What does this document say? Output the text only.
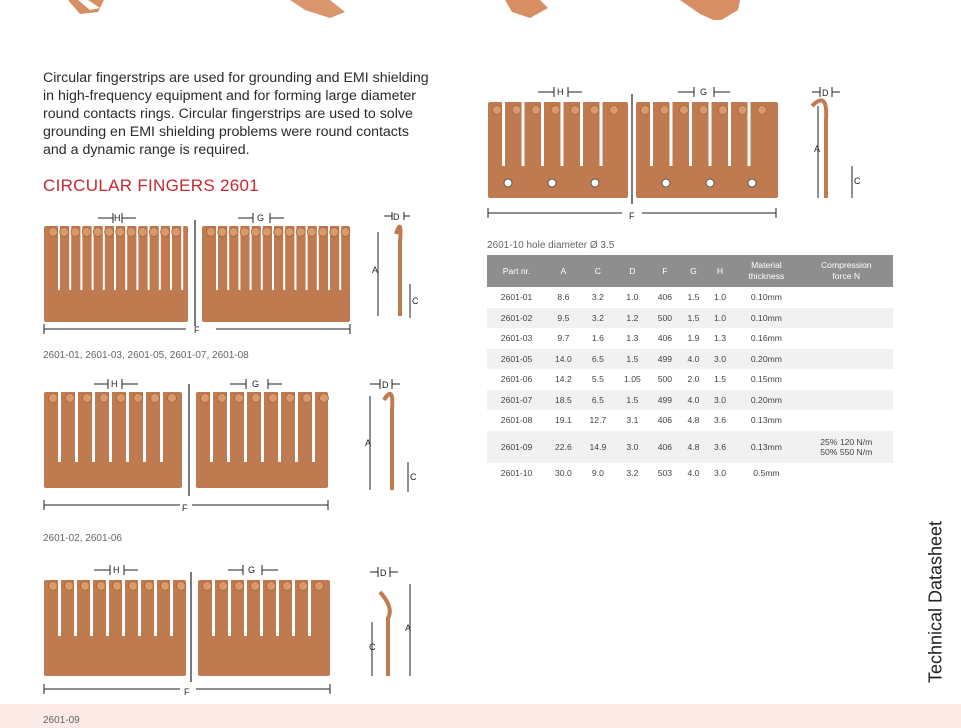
Circular fingerstrips are used for grounding and EMI shielding
in high-frequency equipment and for forming large diameter
round contacts rings. Circular fingerstrips are used to solve
grounding en EMI shielding problems were round contacts
and a dynamic range is required.
CIRCULAR FINGERS 2601
H	G
F
D
A
C
2601-01, 2601-03, 2601-05, 2601-07, 2601-08
H	G
F
D
A
C
2601-02, 2601-06
H	G
F
D
A
C
H	G
F
D
A
C
2601-10 hole diameter Ø 3.5
Part nr.	A	C	D	F	G	H	Material
thickness	Compression
force N
2601-01	8.6	3.2	1.0	406	1.5	1.0	0.10mm	

2601-02	9.5	3.2	1.2	500	1.5	1.0	0.10mm	

2601-03	9.7	1.6	1.3	406	1.9	1.3	0.16mm	

2601-05	14.0	6.5	1.5	499	4.0	3.0	0.20mm	

2601-06	14.2	5.5	1.05	500	2.0	1.5	0.15mm	

2601-07	18.5	6.5	1.5	499	4.0	3.0	0.20mm	

2601-08	19.1	12.7	3.1	406	4.8	3.6	0.13mm	

2601-09	22.6	14.9	3.0	406	4.8	3.6	0.13mm	25% 120 N/m
50% 550 N/m

2601-10	30.0	9.0	3.2	503	4.0	3.0	0.5mm	
Technical Datasheet
2601-09
